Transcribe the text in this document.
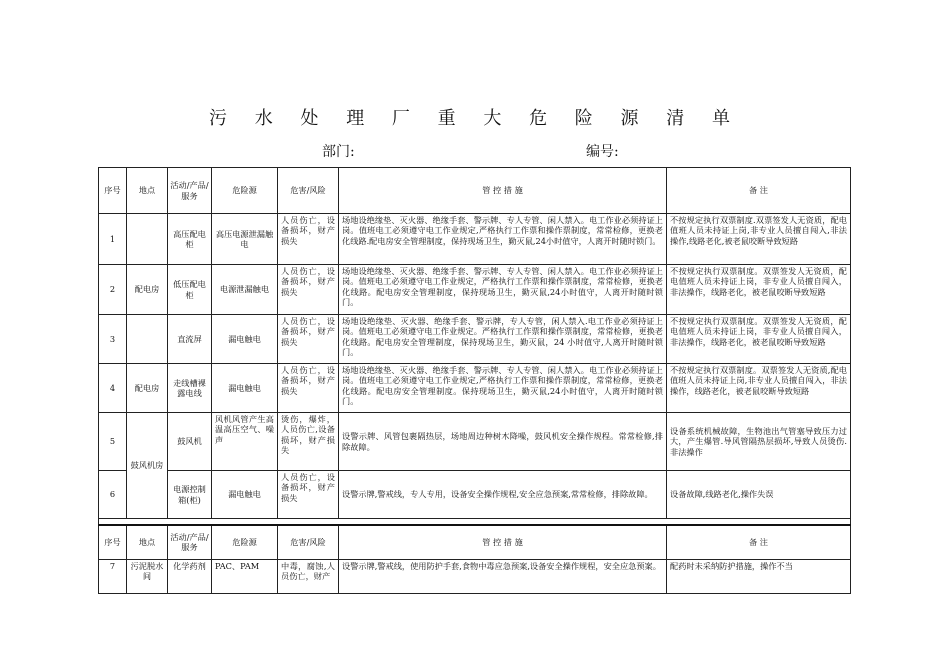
污 水 处 理 厂 重 大 危 险 源 清 单
部门:	编号:
序号	地点	活动/产品/服务	危险源	危害/风险	管 控 措 施	备 注
1		高压配电柜	高压电源泄漏触电	人员伤亡，设备损坏，财产损失	场地设绝缘垫、灭火器、绝缘手套、警示牌、专人专管、闲人禁入。电工作业必须持证上岗。值班电工必须遵守电工作业规定,严格执行工作票和操作票制度，常常检修，更换老化线路.配电房安全管理制度，保持现场卫生，勤灭鼠,24小时值守，人离开时随时锁门。	不按规定执行双票制度.双票签发人无资质，配电值班人员未持证上岗,非专业人员擅自闯入,非法操作,线路老化,被老鼠咬断导致短路
2	配电房	低压配电柜	电源泄漏触电	人员伤亡，设备损坏，财产损失	场地设绝缘垫、灭火器、绝缘手套、警示牌、专人专管、闲人禁入。电工作业必须持证上岗。值班电工必须遵守电工作业规定，严格执行工作票和操作票制度，常常检修，更换老化线路。配电房安全管理制度，保持现场卫生，勤灭鼠,24小时值守，人离开时随时锁门。	不按规定执行双票制度。双票签发人无资质，配电值班人员未持证上岗，非专业人员擅自闯入，非法操作，线路老化，被老鼠咬断导致短路
3		直流屏	漏电触电	人员伤亡，设备损坏，财产损失	场地设绝缘垫、灭火器、绝缘手套、警示牌，专人专管，闲人禁入.电工作业必须持证上岗。值班电工必须遵守电工作业规定。严格执行工作票和操作票制度，常常检修，更换老化线路。配电房安全管理制度，保持现场卫生，勤灭鼠，24 小时值守,人离开时随时锁门。	不按规定执行双票制度。双票签发人无资质，配电值班人员未持证上岗，非专业人员擅自闯入，非法操作，线路老化，被老鼠咬断导致短路
4	配电房	走线槽裸露电线	漏电触电	人员伤亡，设备损坏，财产损失	场地设绝缘垫、灭火器、绝缘手套、警示牌、专人专管、闲人禁入。电工作业必须持证上岗。值班电工必须遵守电工作业规定,严格执行工作票和操作票制度，常常检修，更换老化线路。配电房安全管理制度。保持现场卫生，勤灭鼠,24小时值守，人离开时随时锁门。	不按规定执行双票制度。双票签发人无资质,配电值班人员未持证上岗,非专业人员擅自闯入，非法操作，线路老化，被老鼠咬断导致短路
5	鼓风机房	鼓风机	风机风管产生高温高压空气、噪声	烫伤，爆炸，人员伤亡,设备损坏，财产损失	设警示牌、风管包裹隔热层，场地周边种树木降噪，鼓风机安全操作规程。常常检修,排除故障。	设备系统机械故障，生物池出气管塞导致压力过大，产生爆管.导风管隔热层损坏,导致人员烫伤.非法操作
6		电源控制箱(柜)	漏电触电	人员伤亡，设备损坏，财产损失	设警示牌,警戒线，专人专用，设备安全操作规程,安全应急预案,常常检修，排除故障。	设备故障,线路老化,操作失误

序号	地点	活动/产品/服务	危险源	危害/风险	管 控 措 施	备 注
7	污泥脱水间	化学药剂	PAC、PAM	中毒，腐蚀,人员伤亡，财产	设警示牌,警戒线，使用防护手套,食物中毒应急预案,设备安全操作规程，安全应急预案。	配药时未采纳防护措施，操作不当
